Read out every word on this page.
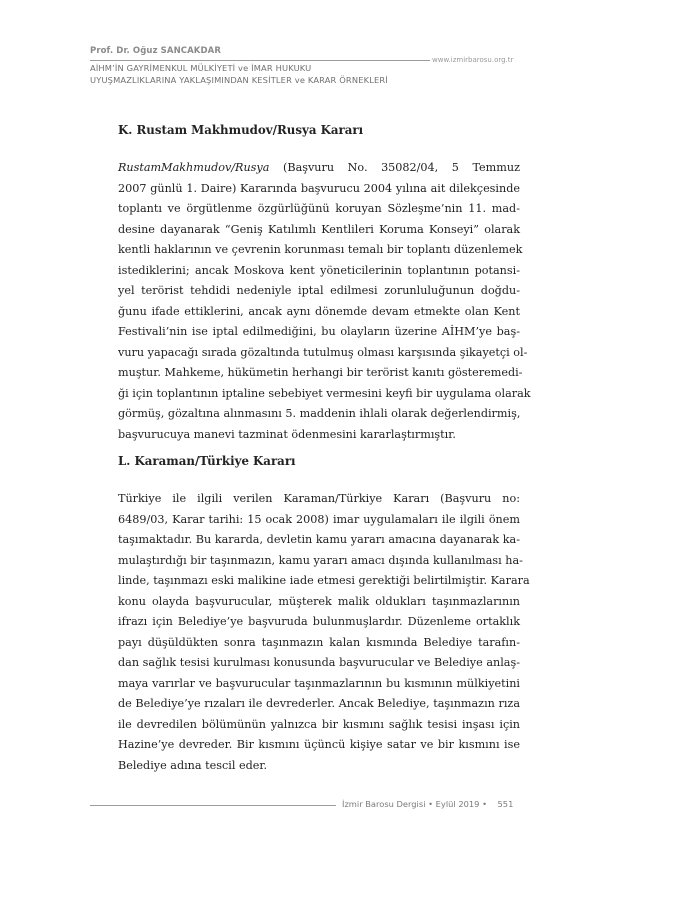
Prof. Dr. Oğuz SANCAKDAR
www.izmirbarosu.org.tr
AİHM’İN GAYRİMENKUL MÜLKİYETİ ve İMAR HUKUKU
UYUŞMAZLIKLARINA YAKLAŞIMINDAN KESİTLER ve KARAR ÖRNEKLERİ
K. Rustam Makhmudov/Rusya Kararı
RustamMakhmudov/Rusya (Başvuru No. 35082/04, 5 Temmuz
2007 günlü 1. Daire) Kararında başvurucu 2004 yılına ait dilekçesinde
toplantı ve örgütlenme özgürlüğünü koruyan Sözleşme’nin 11. mad-
desine dayanarak “Geniş Katılımlı Kentlileri Koruma Konseyi” olarak
kentli haklarının ve çevrenin korunması temalı bir toplantı düzenlemek
istediklerini; ancak Moskova kent yöneticilerinin toplantının potansi-
yel terörist tehdidi nedeniyle iptal edilmesi zorunluluğunun doğdu-
ğunu ifade ettiklerini, ancak aynı dönemde devam etmekte olan Kent
Festivali’nin ise iptal edilmediğini, bu olayların üzerine AİHM’ye baş-
vuru yapacağı sırada gözaltında tutulmuş olması karşısında şikayetçi ol-
muştur. Mahkeme, hükümetin herhangi bir terörist kanıtı gösteremedi-
ği için toplantının iptaline sebebiyet vermesini keyfi bir uygulama olarak
görmüş, gözaltına alınmasını 5. maddenin ihlali olarak değerlendirmiş,
başvurucuya manevi tazminat ödenmesini kararlaştırmıştır.
L. Karaman/Türkiye Kararı
Türkiye ile ilgili verilen Karaman/Türkiye Kararı (Başvuru no:
6489/03, Karar tarihi: 15 ocak 2008) imar uygulamaları ile ilgili önem
taşımaktadır. Bu kararda, devletin kamu yararı amacına dayanarak ka-
mulaştırdığı bir taşınmazın, kamu yararı amacı dışında kullanılması ha-
linde, taşınmazı eski malikine iade etmesi gerektiği belirtilmiştir. Karara
konu olayda başvurucular, müşterek malik oldukları taşınmazlarının
ifrazı için Belediye’ye başvuruda bulunmuşlardır. Düzenleme ortaklık
payı düşüldükten sonra taşınmazın kalan kısmında Belediye tarafın-
dan sağlık tesisi kurulması konusunda başvurucular ve Belediye anlaş-
maya varırlar ve başvurucular taşınmazlarının bu kısmının mülkiyetini
de Belediye’ye rızaları ile devrederler. Ancak Belediye, taşınmazın rıza
ile devredilen bölümünün yalnızca bir kısmını sağlık tesisi inşası için
Hazine’ye devreder. Bir kısmını üçüncü kişiye satar ve bir kısmını ise
Belediye adına tescil eder.
İzmir Barosu Dergisi • Eylül 2019 • 551
